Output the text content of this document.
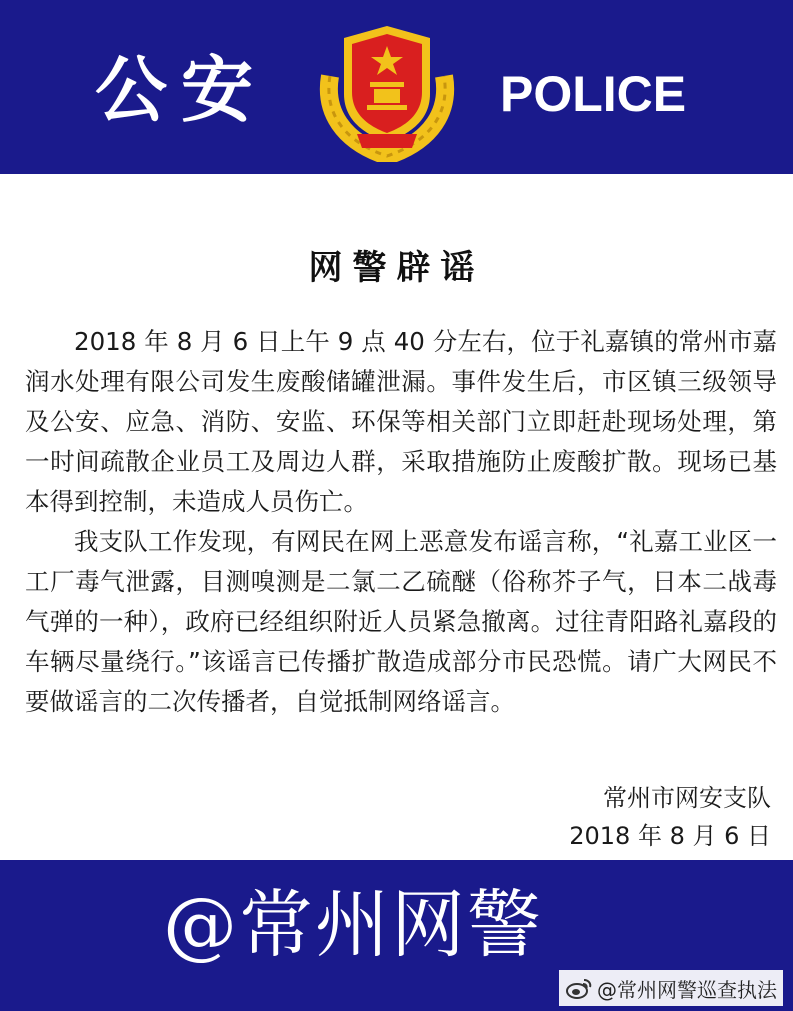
公安	POLICE
网警辟谣

2018 年 8 月 6 日上午 9 点 40 分左右，位于礼嘉镇的常州市嘉润水处理有限公司发生废酸储罐泄漏。事件发生后，市区镇三级领导及公安、应急、消防、安监、环保等相关部门立即赶赴现场处理，第一时间疏散企业员工及周边人群，采取措施防止废酸扩散。现场已基本得到控制，未造成人员伤亡。

我支队工作发现，有网民在网上恶意发布谣言称，“礼嘉工业区一工厂毒气泄露，目测嗅测是二氯二乙硫醚（俗称芥子气，日本二战毒气弹的一种），政府已经组织附近人员紧急撤离。过往青阳路礼嘉段的车辆尽量绕行。”该谣言已传播扩散造成部分市民恐慌。请广大网民不要做谣言的二次传播者，自觉抵制网络谣言。

常州市网安支队
2018 年 8 月 6 日
@常州网警
@常州网警巡查执法
